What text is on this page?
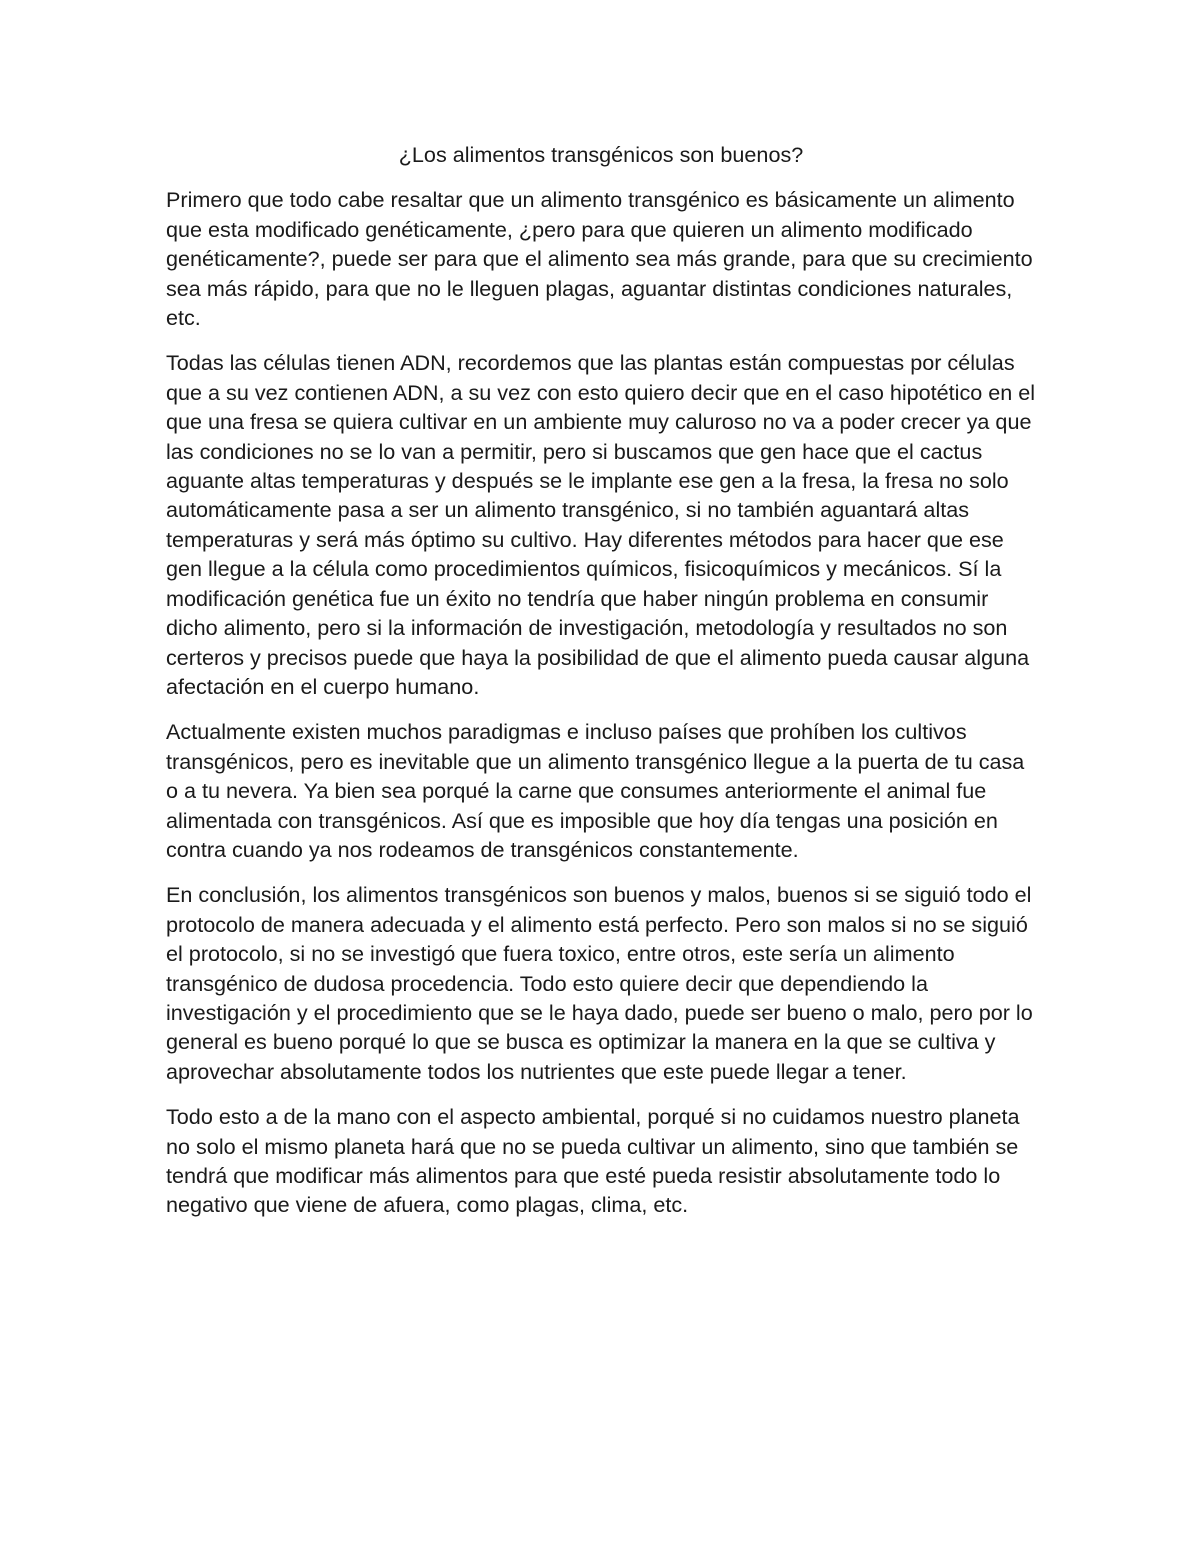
¿Los alimentos transgénicos son buenos?

Primero que todo cabe resaltar que un alimento transgénico es básicamente un alimento que esta modificado genéticamente, ¿pero para que quieren un alimento modificado genéticamente?, puede ser para que el alimento sea más grande, para que su crecimiento sea más rápido, para que no le lleguen plagas, aguantar distintas condiciones naturales, etc.

Todas las células tienen ADN, recordemos que las plantas están compuestas por células que a su vez contienen ADN, a su vez con esto quiero decir que en el caso hipotético en el que una fresa se quiera cultivar en un ambiente muy caluroso no va a poder crecer ya que las condiciones no se lo van a permitir, pero si buscamos que gen hace que el cactus aguante altas temperaturas y después se le implante ese gen a la fresa, la fresa no solo automáticamente pasa a ser un alimento transgénico, si no también aguantará altas temperaturas y será más óptimo su cultivo. Hay diferentes métodos para hacer que ese gen llegue a la célula como procedimientos químicos, fisicoquímicos y mecánicos. Sí la modificación genética fue un éxito no tendría que haber ningún problema en consumir dicho alimento, pero si la información de investigación, metodología y resultados no son certeros y precisos puede que haya la posibilidad de que el alimento pueda causar alguna afectación en el cuerpo humano.

Actualmente existen muchos paradigmas e incluso países que prohíben los cultivos transgénicos, pero es inevitable que un alimento transgénico llegue a la puerta de tu casa o a tu nevera. Ya bien sea porqué la carne que consumes anteriormente el animal fue alimentada con transgénicos. Así que es imposible que hoy día tengas una posición en contra cuando ya nos rodeamos de transgénicos constantemente.

En conclusión, los alimentos transgénicos son buenos y malos, buenos si se siguió todo el protocolo de manera adecuada y el alimento está perfecto. Pero son malos si no se siguió el protocolo, si no se investigó que fuera toxico, entre otros, este sería un alimento transgénico de dudosa procedencia. Todo esto quiere decir que dependiendo la investigación y el procedimiento que se le haya dado, puede ser bueno o malo, pero por lo general es bueno porqué lo que se busca es optimizar la manera en la que se cultiva y aprovechar absolutamente todos los nutrientes que este puede llegar a tener.

Todo esto a de la mano con el aspecto ambiental, porqué si no cuidamos nuestro planeta no solo el mismo planeta hará que no se pueda cultivar un alimento, sino que también se tendrá que modificar más alimentos para que esté pueda resistir absolutamente todo lo negativo que viene de afuera, como plagas, clima, etc.
